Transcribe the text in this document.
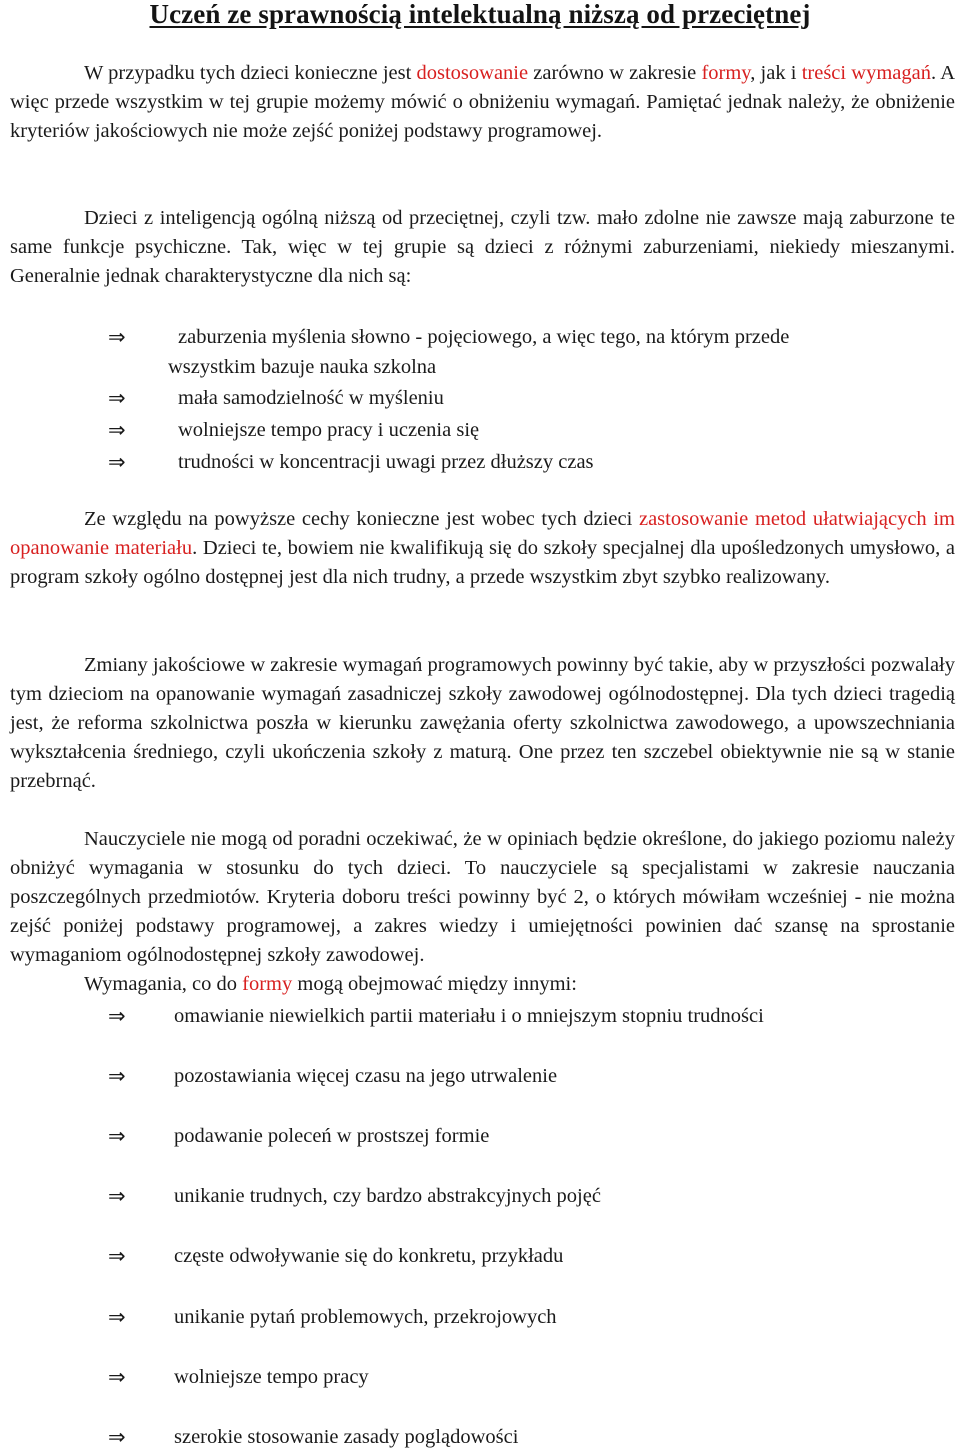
Uczeń ze sprawnością intelektualną niższą od przeciętnej
W przypadku tych dzieci konieczne jest dostosowanie zarówno w zakresie formy, jak i treści wymagań. A więc przede wszystkim w tej grupie możemy mówić o obniżeniu wymagań. Pamiętać jednak należy, że obniżenie kryteriów jakościowych nie może zejść poniżej podstawy programowej.
Dzieci z inteligencją ogólną niższą od przeciętnej, czyli tzw. mało zdolne nie zawsze mają zaburzone te same funkcje psychiczne. Tak, więc w tej grupie są dzieci z różnymi zaburzeniami, niekiedy mieszanymi. Generalnie jednak charakterystyczne dla nich są:
⇒	zaburzenia myślenia słowno - pojęciowego, a więc tego, na którym przede
wszystkim bazuje nauka szkolna
⇒	mała samodzielność w myśleniu
⇒	wolniejsze tempo pracy i uczenia się
⇒	trudności w koncentracji uwagi przez dłuższy czas
Ze względu na powyższe cechy konieczne jest wobec tych dzieci zastosowanie metod ułatwiających im opanowanie materiału. Dzieci te, bowiem nie kwalifikują się do szkoły specjalnej dla upośledzonych umysłowo, a program szkoły ogólno dostępnej jest dla nich trudny, a przede wszystkim zbyt szybko realizowany.
Zmiany jakościowe w zakresie wymagań programowych powinny być takie, aby w przyszłości pozwalały tym dzieciom na opanowanie wymagań zasadniczej szkoły zawodowej ogólnodostępnej. Dla tych dzieci tragedią jest, że reforma szkolnictwa poszła w kierunku zawężania oferty szkolnictwa zawodowego, a upowszechniania wykształcenia średniego, czyli ukończenia szkoły z maturą. One przez ten szczebel obiektywnie nie są w stanie przebrnąć.
Nauczyciele nie mogą od poradni oczekiwać, że w opiniach będzie określone, do jakiego poziomu należy obniżyć wymagania w stosunku do tych dzieci. To nauczyciele są specjalistami w zakresie nauczania poszczególnych przedmiotów. Kryteria doboru treści powinny być 2, o których mówiłam wcześniej - nie można zejść poniżej podstawy programowej, a zakres wiedzy i umiejętności powinien dać szansę na sprostanie wymaganiom ogólnodostępnej szkoły zawodowej.
Wymagania, co do formy mogą obejmować między innymi:
⇒ omawianie niewielkich partii materiału i o mniejszym stopniu trudności
⇒ pozostawiania więcej czasu na jego utrwalenie
⇒ podawanie poleceń w prostszej formie
⇒ unikanie trudnych, czy bardzo abstrakcyjnych pojęć
⇒ częste odwoływanie się do konkretu, przykładu
⇒ unikanie pytań problemowych, przekrojowych
⇒ wolniejsze tempo pracy
⇒ szerokie stosowanie zasady poglądowości
